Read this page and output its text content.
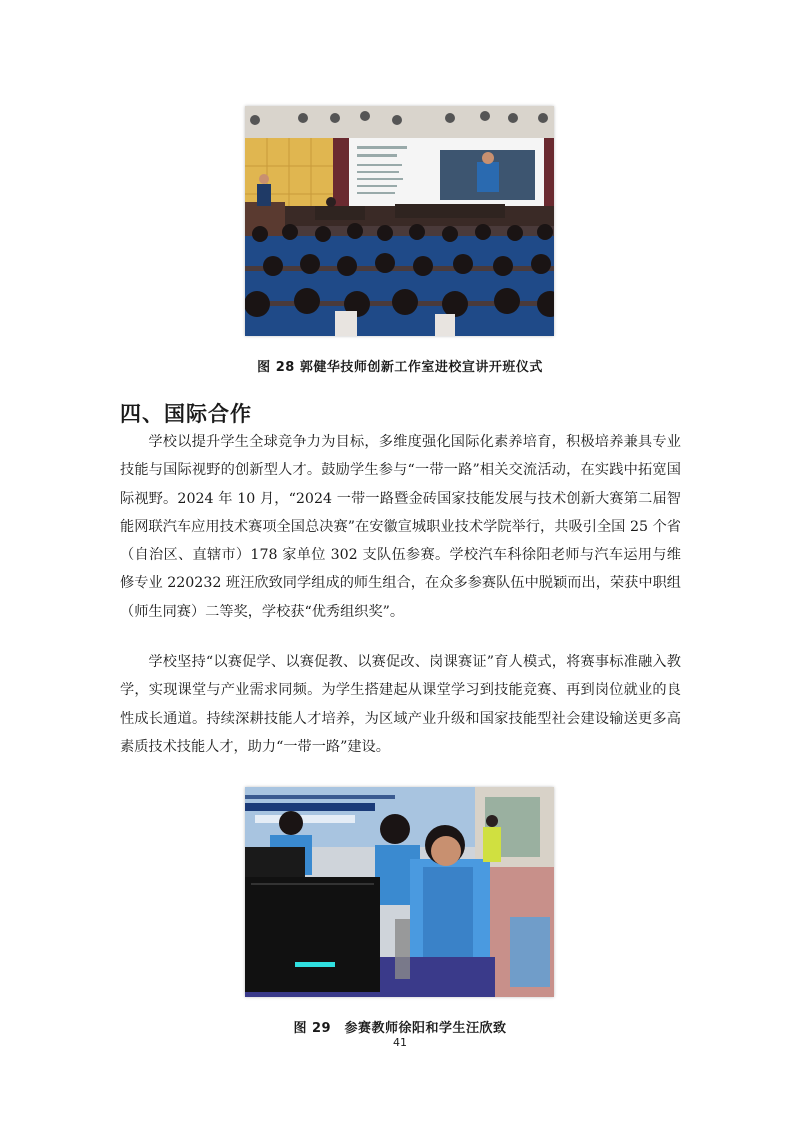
图 28 郭健华技师创新工作室进校宣讲开班仪式
四、国际合作

学校以提升学生全球竞争力为目标，多维度强化国际化素养培育，积极培养兼具专业技能与国际视野的创新型人才。鼓励学生参与“一带一路”相关交流活动，在实践中拓宽国际视野。2024 年 10 月，“2024 一带一路暨金砖国家技能发展与技术创新大赛第二届智能网联汽车应用技术赛项全国总决赛”在安徽宣城职业技术学院举行，共吸引全国 25 个省（自治区、直辖市）178 家单位 302 支队伍参赛。学校汽车科徐阳老师与汽车运用与维修专业 220232 班汪欣致同学组成的师生组合，在众多参赛队伍中脱颖而出，荣获中职组（师生同赛）二等奖，学校获“优秀组织奖”。

学校坚持“以赛促学、以赛促教、以赛促改、岗课赛证”育人模式，将赛事标准融入教学，实现课堂与产业需求同频。为学生搭建起从课堂学习到技能竞赛、再到岗位就业的良性成长通道。持续深耕技能人才培养，为区域产业升级和国家技能型社会建设输送更多高素质技术技能人才，助力“一带一路”建设。

图 29　参赛教师徐阳和学生汪欣致
41
